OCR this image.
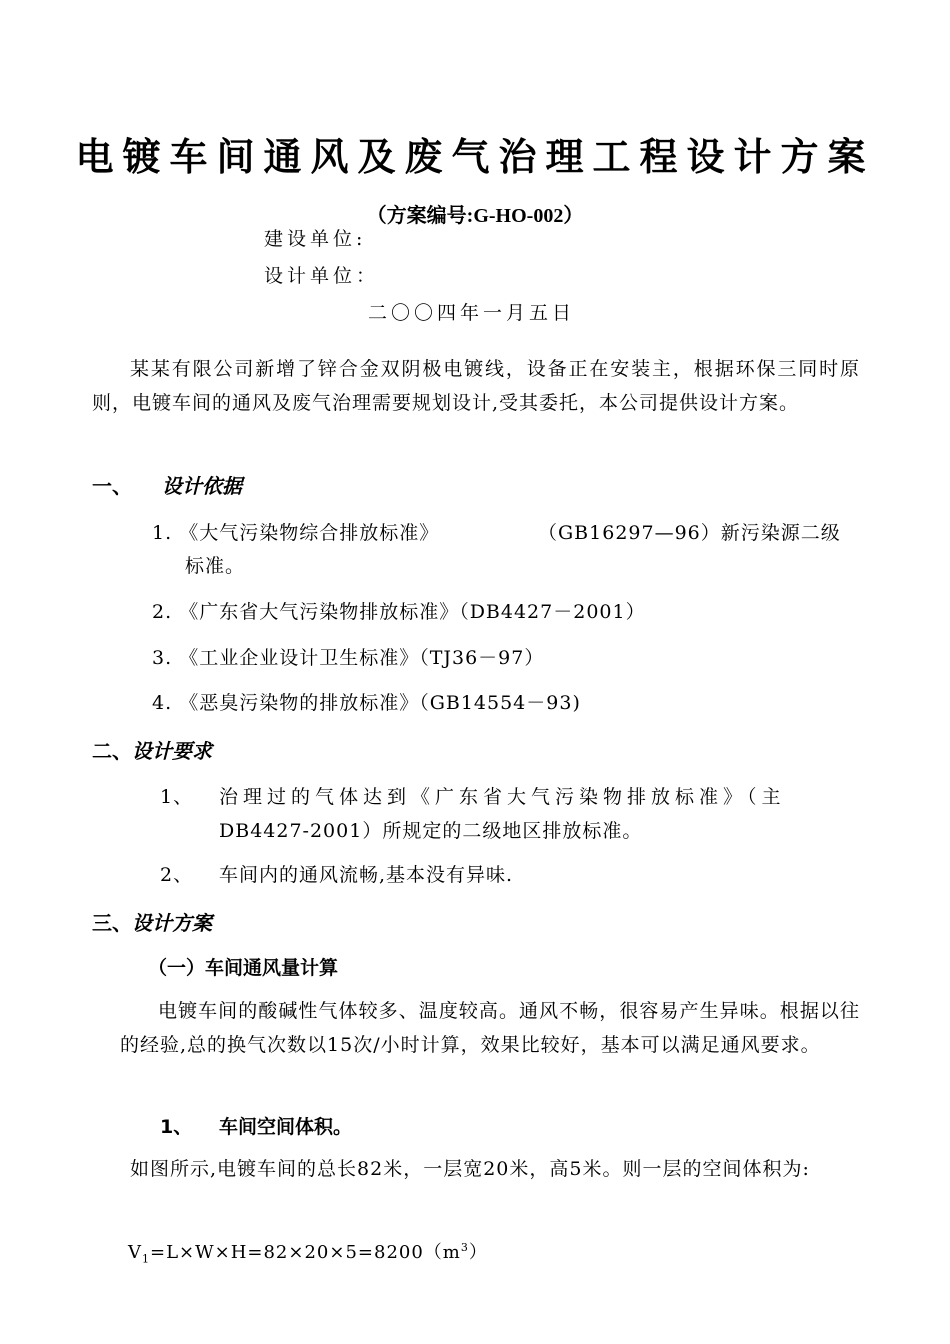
电镀车间通风及废气治理工程设计方案
（方案编号:G-HO-002）
建设单位:
设计单位：
二〇〇四年一月五日
某某有限公司新增了锌合金双阴极电镀线，设备正在安装主，根据环保三同时原则，电镀车间的通风及废气治理需要规划设计,受其委托，本公司提供设计方案。
一、 设计依据
1. 《大气污染物综合排放标准》	（GB16297—96）新污染源二级
标准。
2. 《广东省大气污染物排放标准》（DB4427－2001）
3. 《工业企业设计卫生标准》（TJ36－97）
4. 《恶臭污染物的排放标准》（GB14554－93)
二、设计要求
1、 治理过的气体达到《广东省大气污染物排放标准》（主
DB4427-2001）所规定的二级地区排放标准。
2、 车间内的通风流畅,基本没有异味.
三、设计方案
（一）车间通风量计算
电镀车间的酸碱性气体较多、温度较高。通风不畅，很容易产生异味。根据以往的经验,总的换气次数以15次/小时计算，效果比较好，基本可以满足通风要求。
1、 车间空间体积。
如图所示,电镀车间的总长82米，一层宽20米，高5米。则一层的空间体积为:
$V_1=L\times W\times H=82\times 20\times 5=8200(m^3)$
